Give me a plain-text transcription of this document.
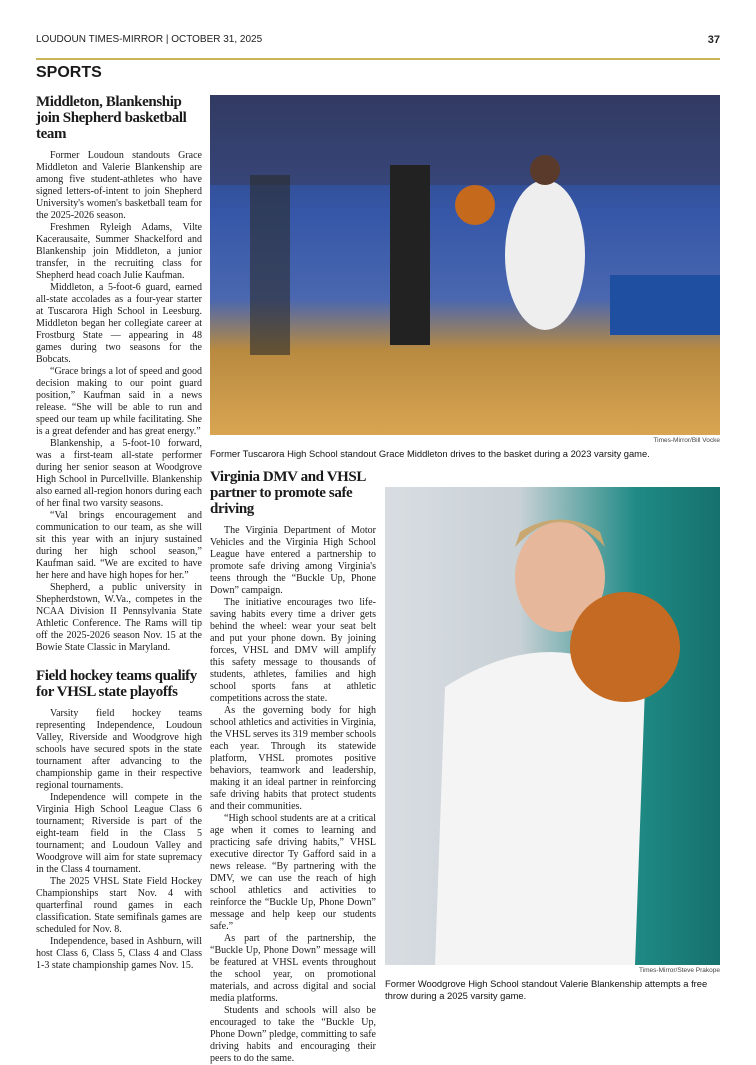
LOUDOUN TIMES-MIRROR | OCTOBER 31, 2025	37
SPORTS

Middleton, Blankenship join Shepherd basketball team

Former Loudoun standouts Grace Middleton and Valerie Blankenship are among five student-athletes who have signed letters-of-intent to join Shepherd University's women's basketball team for the 2025-2026 season.

Freshmen Ryleigh Adams, Vilte Kacerausaite, Summer Shackelford and Blankenship join Middleton, a junior transfer, in the recruiting class for Shepherd head coach Julie Kaufman.

Middleton, a 5-foot-6 guard, earned all-state accolades as a four-year starter at Tuscarora High School in Leesburg. Middleton began her collegiate career at Frostburg State — appearing in 48 games during two seasons for the Bobcats.

“Grace brings a lot of speed and good decision making to our point guard position,” Kaufman said in a news release. “She will be able to run and speed our team up while facilitating. She is a great defender and has great energy.”

Blankenship, a 5-foot-10 forward, was a first-team all-state performer during her senior season at Woodgrove High School in Purcellville. Blankenship also earned all-region honors during each of her final two varsity seasons.

“Val brings encouragement and communication to our team, as she will sit this year with an injury sustained during her high school season,” Kaufman said. “We are excited to have her here and have high hopes for her.”

Shepherd, a public university in Shepherdstown, W.Va., competes in the NCAA Division II Pennsylvania State Athletic Conference. The Rams will tip off the 2025-2026 season Nov. 15 at the Bowie State Classic in Maryland.

Field hockey teams qualify for VHSL state playoffs

Varsity field hockey teams representing Independence, Loudoun Valley, Riverside and Woodgrove high schools have secured spots in the state tournament after advancing to the championship game in their respective regional tournaments.

Independence will compete in the Virginia High School League Class 6 tournament; Riverside is part of the eight-team field in the Class 5 tournament; and Loudoun Valley and Woodgrove will aim for state supremacy in the Class 4 tournament.

The 2025 VHSL State Field Hockey Championships start Nov. 4 with quarterfinal round games in each classification. State semifinals games are scheduled for Nov. 8.

Independence, based in Ashburn, will host Class 6, Class 5, Class 4 and Class 1-3 state championship games Nov. 15.

Virginia DMV and VHSL partner to promote safe driving

The Virginia Department of Motor Vehicles and the Virginia High School League have entered a partnership to promote safe driving among Virginia's teens through the “Buckle Up, Phone Down” campaign.

The initiative encourages two life-saving habits every time a driver gets behind the wheel: wear your seat belt and put your phone down. By joining forces, VHSL and DMV will amplify this safety message to thousands of students, athletes, families and high school sports fans at athletic competitions across the state.

As the governing body for high school athletics and activities in Virginia, the VHSL serves its 319 member schools each year. Through its statewide platform, VHSL promotes positive behaviors, teamwork and leadership, making it an ideal partner in reinforcing safe driving habits that protect students and their communities.

“High school students are at a critical age when it comes to learning and practicing safe driving habits,” VHSL executive director Ty Gafford said in a news release. “By partnering with the DMV, we can use the reach of high school athletics and activities to reinforce the “Buckle Up, Phone Down” message and help keep our students safe.”

As part of the partnership, the “Buckle Up, Phone Down” message will be featured at VHSL events throughout the school year, on promotional materials, and across digital and social media platforms.

Students and schools will also be encouraged to take the “Buckle Up, Phone Down” pledge, committing to safe driving habits and encouraging their peers to do the same.

Times-Mirror/Bill Vocke
Former Tuscarora High School standout Grace Middleton drives to the basket during a 2023 varsity game.
Times-Mirror/Steve Prakope
Former Woodgrove High School standout Valerie Blankenship attempts a free throw during a 2025 varsity game.
